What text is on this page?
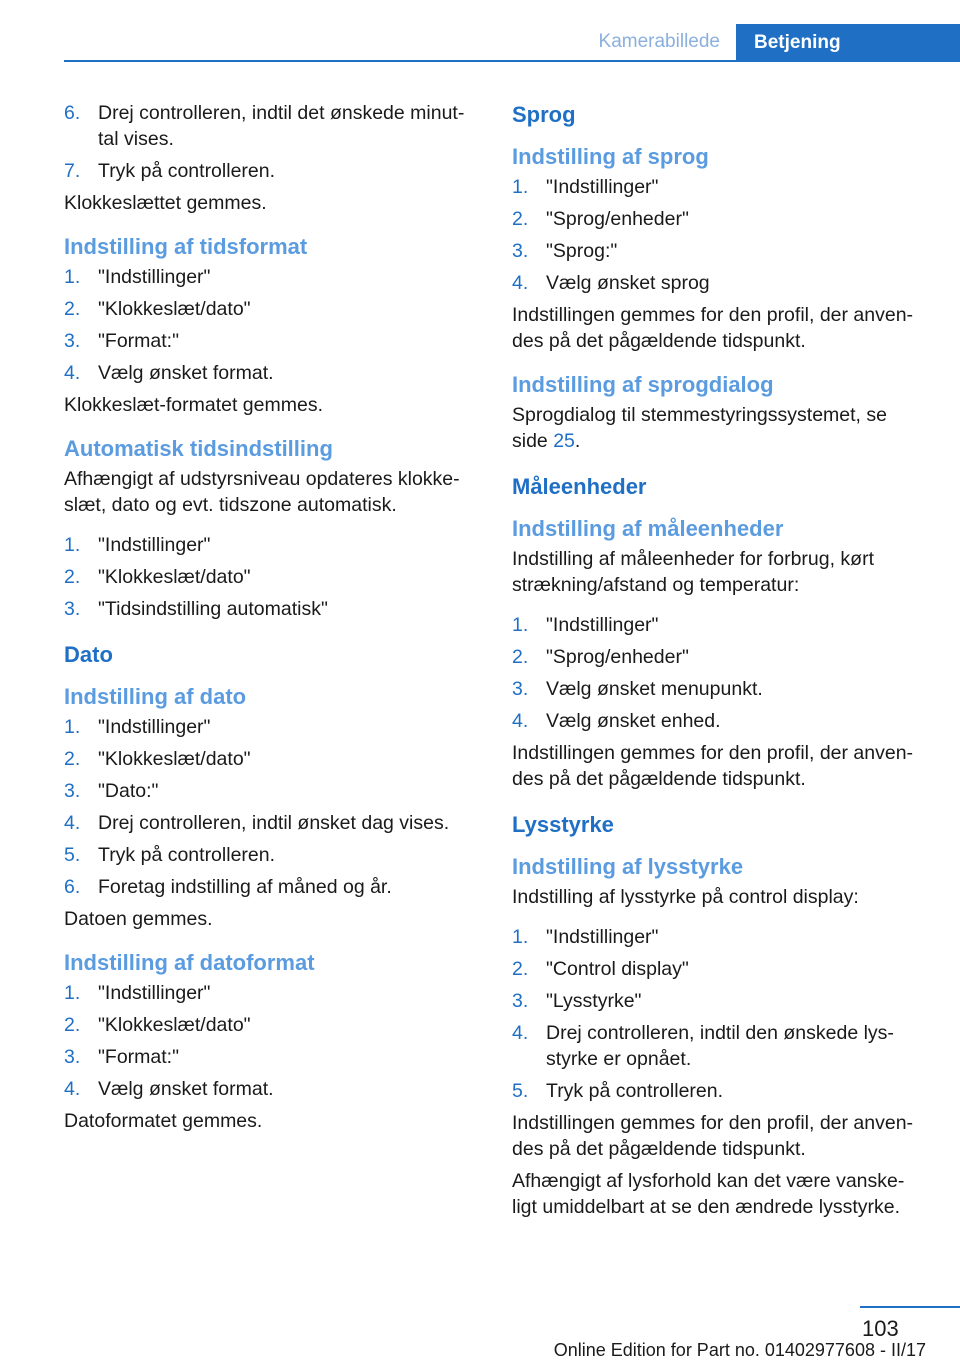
Kamerabillede	Betjening
6. Drej controlleren, indtil det ønskede minut-tal vises.
7. Tryk på controlleren.

Klokkeslættet gemmes.

Indstilling af tidsformat
1. "Indstillinger"
2. "Klokkeslæt/dato"
3. "Format:"
4. Vælg ønsket format.

Klokkeslæt-formatet gemmes.

Automatisk tidsindstilling

Afhængigt af udstyrsniveau opdateres klokke-slæt, dato og evt. tidszone automatisk.

1. "Indstillinger"
2. "Klokkeslæt/dato"
3. "Tidsindstilling automatisk"
Dato
Indstilling af dato
1. "Indstillinger"
2. "Klokkeslæt/dato"
3. "Dato:"
4. Drej controlleren, indtil ønsket dag vises.
5. Tryk på controlleren.
6. Foretag indstilling af måned og år.

Datoen gemmes.

Indstilling af datoformat
1. "Indstillinger"
2. "Klokkeslæt/dato"
3. "Format:"
4. Vælg ønsket format.

Datoformatet gemmes.

Sprog
Indstilling af sprog
1. "Indstillinger"
2. "Sprog/enheder"
3. "Sprog:"
4. Vælg ønsket sprog

Indstillingen gemmes for den profil, der anven-des på det pågældende tidspunkt.

Indstilling af sprogdialog

Sprogdialog til stemmestyringssystemet, se side 25.

Måleenheder
Indstilling af måleenheder

Indstilling af måleenheder for forbrug, kørt strækning/afstand og temperatur:

1. "Indstillinger"
2. "Sprog/enheder"
3. Vælg ønsket menupunkt.
4. Vælg ønsket enhed.

Indstillingen gemmes for den profil, der anven-des på det pågældende tidspunkt.

Lysstyrke
Indstilling af lysstyrke

Indstilling af lysstyrke på control display:

1. "Indstillinger"
2. "Control display"
3. "Lysstyrke"
4. Drej controlleren, indtil den ønskede lys-styrke er opnået.
5. Tryk på controlleren.

Indstillingen gemmes for den profil, der anven-des på det pågældende tidspunkt.

Afhængigt af lysforhold kan det være vanske-ligt umiddelbart at se den ændrede lysstyrke.

103
Online Edition for Part no. 01402977608 - II/17
